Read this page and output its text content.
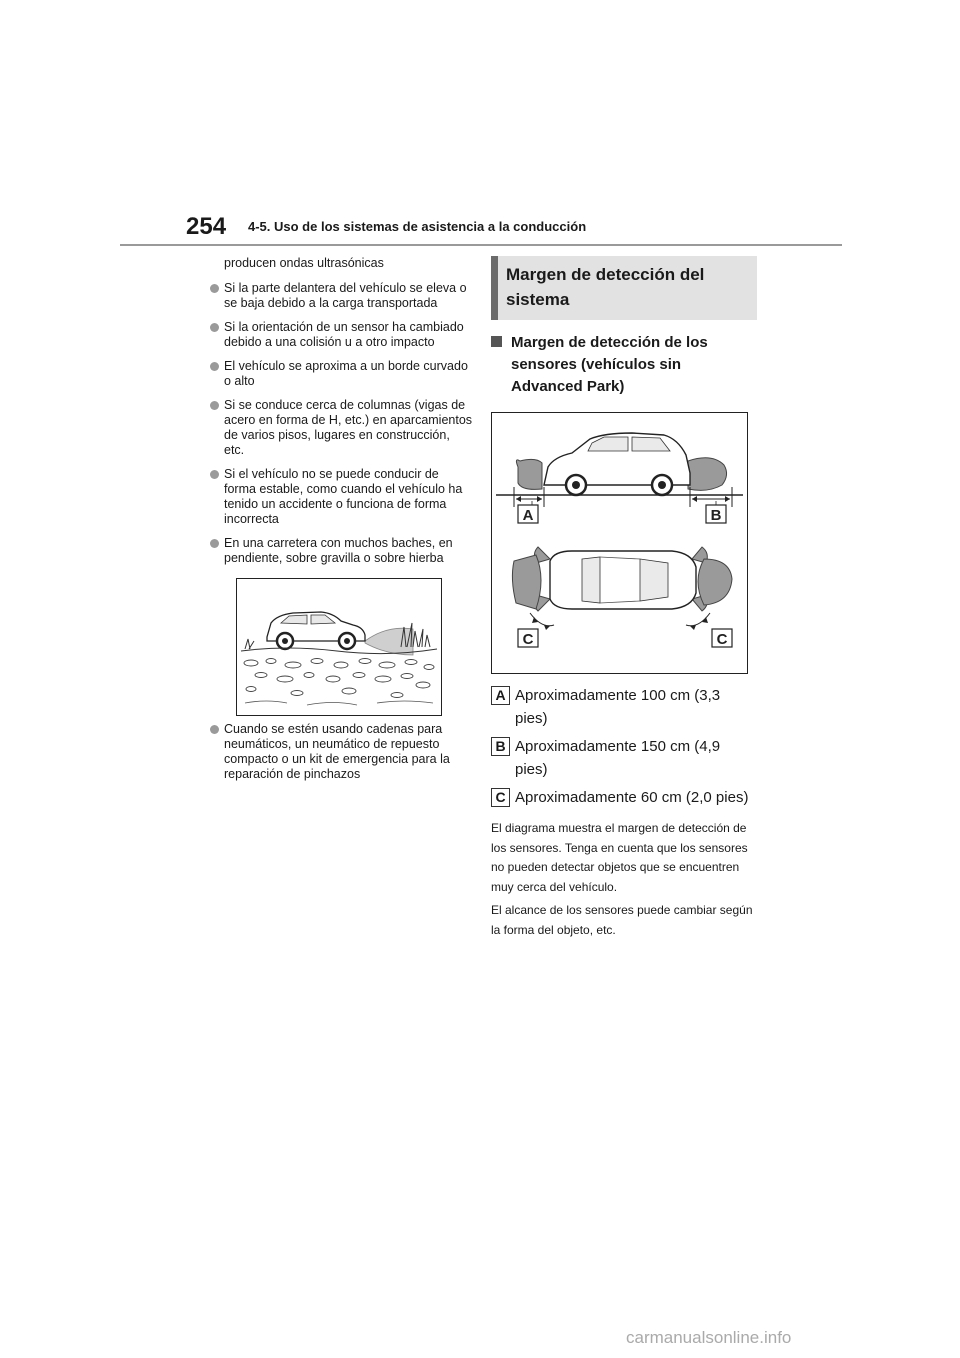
254 4-5. Uso de los sistemas de asistencia a la conducción

producen ondas ultrasónicas

Si la parte delantera del vehículo se eleva o se baja debido a la carga transportada

Si la orientación de un sensor ha cambiado debido a una colisión u a otro impacto

El vehículo se aproxima a un borde curvado o alto

Si se conduce cerca de columnas (vigas de acero en forma de H, etc.) en aparcamientos de varios pisos, lugares en construcción, etc.

Si el vehículo no se puede conducir de forma estable, como cuando el vehículo ha tenido un accidente o funciona de forma incorrecta

En una carretera con muchos baches, en pendiente, sobre gravilla o sobre hierba

Cuando se estén usando cadenas para neumáticos, un neumático de repuesto compacto o un kit de emergencia para la reparación de pinchazos

Margen de detección del sistema
Margen de detección de los sensores (vehículos sin Advanced Park)
A	B
C	C
A Aproximadamente 100 cm (3,3 pies)
B Aproximadamente 150 cm (4,9 pies)
C Aproximadamente 60 cm (2,0 pies)

El diagrama muestra el margen de detección de los sensores. Tenga en cuenta que los sensores no pueden detectar objetos que se encuentren muy cerca del vehículo.

El alcance de los sensores puede cambiar según la forma del objeto, etc.

carmanualsonline.info
